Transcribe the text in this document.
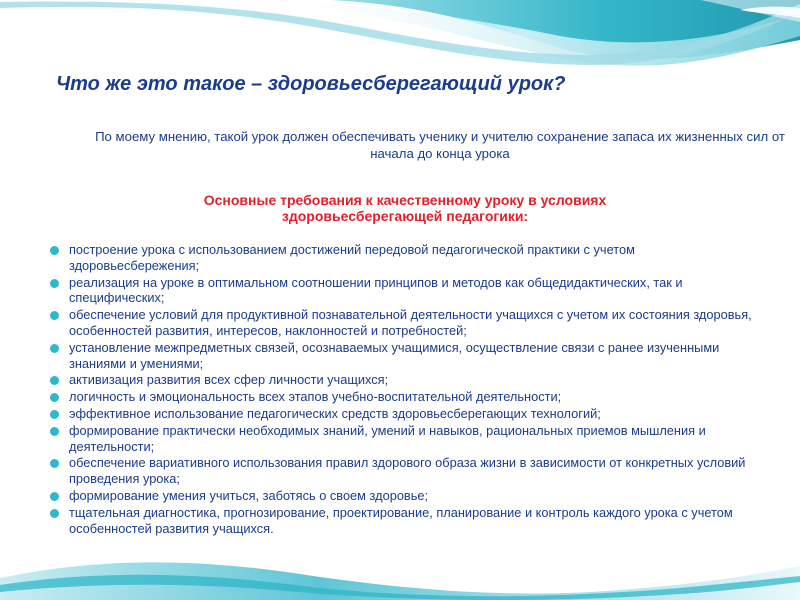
Что же это такое – здоровьесберегающий урок?

По моему мнению, такой урок должен обеспечивать ученику и учителю сохранение запаса их жизненных сил от начала до конца урока

Основные требования к качественному уроку в условиях здоровьесберегающей педагогики:

построение урока с использованием достижений передовой педагогической практики с учетом здоровьесбережения;
реализация на уроке в оптимальном соотношении принципов и методов как общедидактических, так и специфических;
обеспечение условий для продуктивной познавательной деятельности учащихся с учетом их состояния здоровья, особенностей развития, интересов, наклонностей и потребностей;
установление межпредметных связей, осознаваемых учащимися, осуществление связи с ранее изученными знаниями и умениями;
активизация развития всех сфер личности учащихся;
логичность и эмоциональность всех этапов учебно-воспитательной деятельности;
эффективное использование педагогических средств здоровьесберегающих технологий;
формирование практически необходимых знаний, умений и навыков, рациональных приемов мышления и деятельности;
обеспечение вариативного использования правил здорового образа жизни в зависимости от конкретных условий проведения урока;
формирование умения учиться, заботясь о своем здоровье;
тщательная диагностика, прогнозирование, проектирование, планирование и контроль каждого урока с учетом особенностей развития учащихся.
